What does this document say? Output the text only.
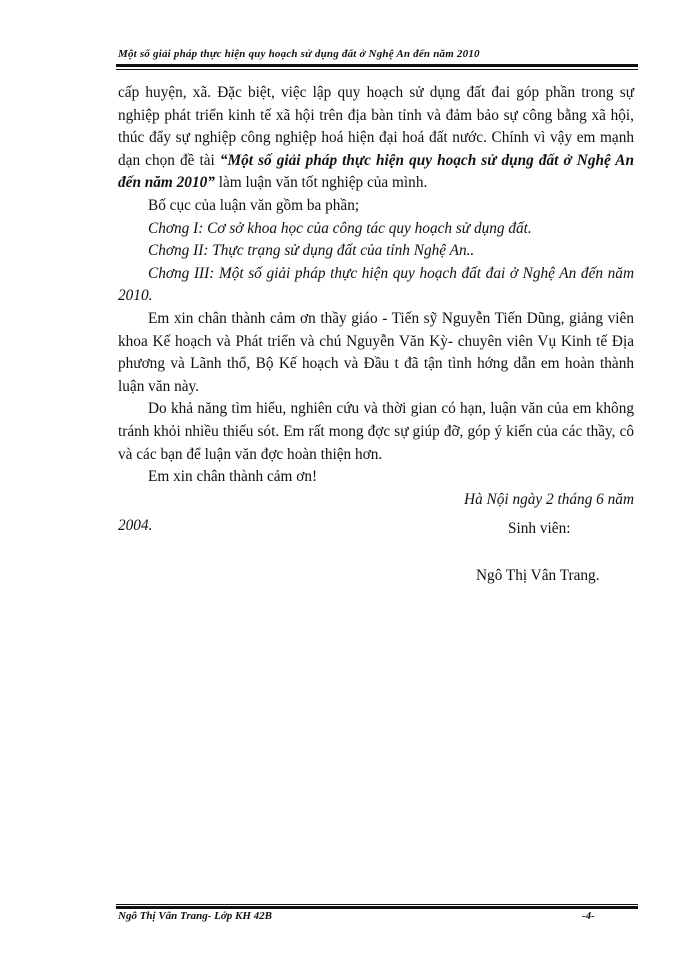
Một số giải pháp thực hiện quy hoạch sử dụng đất ở Nghệ An đến năm 2010

cấp huyện, xã. Đặc biệt, việc lập quy hoạch sử dụng đất đai góp phần trong sự nghiệp phát triển kinh tế xã hội trên địa bàn tỉnh và đảm bảo sự công bằng xã hội, thúc đẩy sự nghiệp công nghiệp hoá hiện đại hoá đất nước. Chính vì vậy em mạnh dạn chọn đề tài “Một số giải pháp thực hiện quy hoạch sử dụng đất ở Nghệ An đến năm 2010” làm luận văn tốt nghiệp của mình.

Bố cục của luận văn gồm ba phần;

Chơng I: Cơ sở khoa học của công tác quy hoạch sử dụng đất.

Chơng II: Thực trạng sử dụng đất của tỉnh Nghệ An..

Chơng III: Một số giải pháp thực hiện quy hoạch đất đai ở Nghệ An đến năm 2010.

Em xin chân thành cảm ơn thầy giáo - Tiến sỹ Nguyễn Tiến Dũng, giảng viên khoa Kế hoạch và Phát triển và chú Nguyễn Văn Kỳ- chuyên viên Vụ Kinh tế Địa phương và Lãnh thổ, Bộ Kế hoạch và Đầu t đã tận tình hớng dẫn em hoàn thành luận văn này.

Do khả năng tìm hiểu, nghiên cứu và thời gian có hạn, luận văn của em không tránh khỏi nhiều thiếu sót. Em rất mong đợc sự giúp đỡ, góp ý kiến của các thầy, cô và các bạn để luận văn đợc hoàn thiện hơn.

Em xin chân thành cảm ơn!

Hà Nội ngày 2 tháng 6 năm

2004.	Sinh viên:
Ngô Thị Vân Trang.
Ngô Thị Vân Trang- Lớp KH 42B	-4-
